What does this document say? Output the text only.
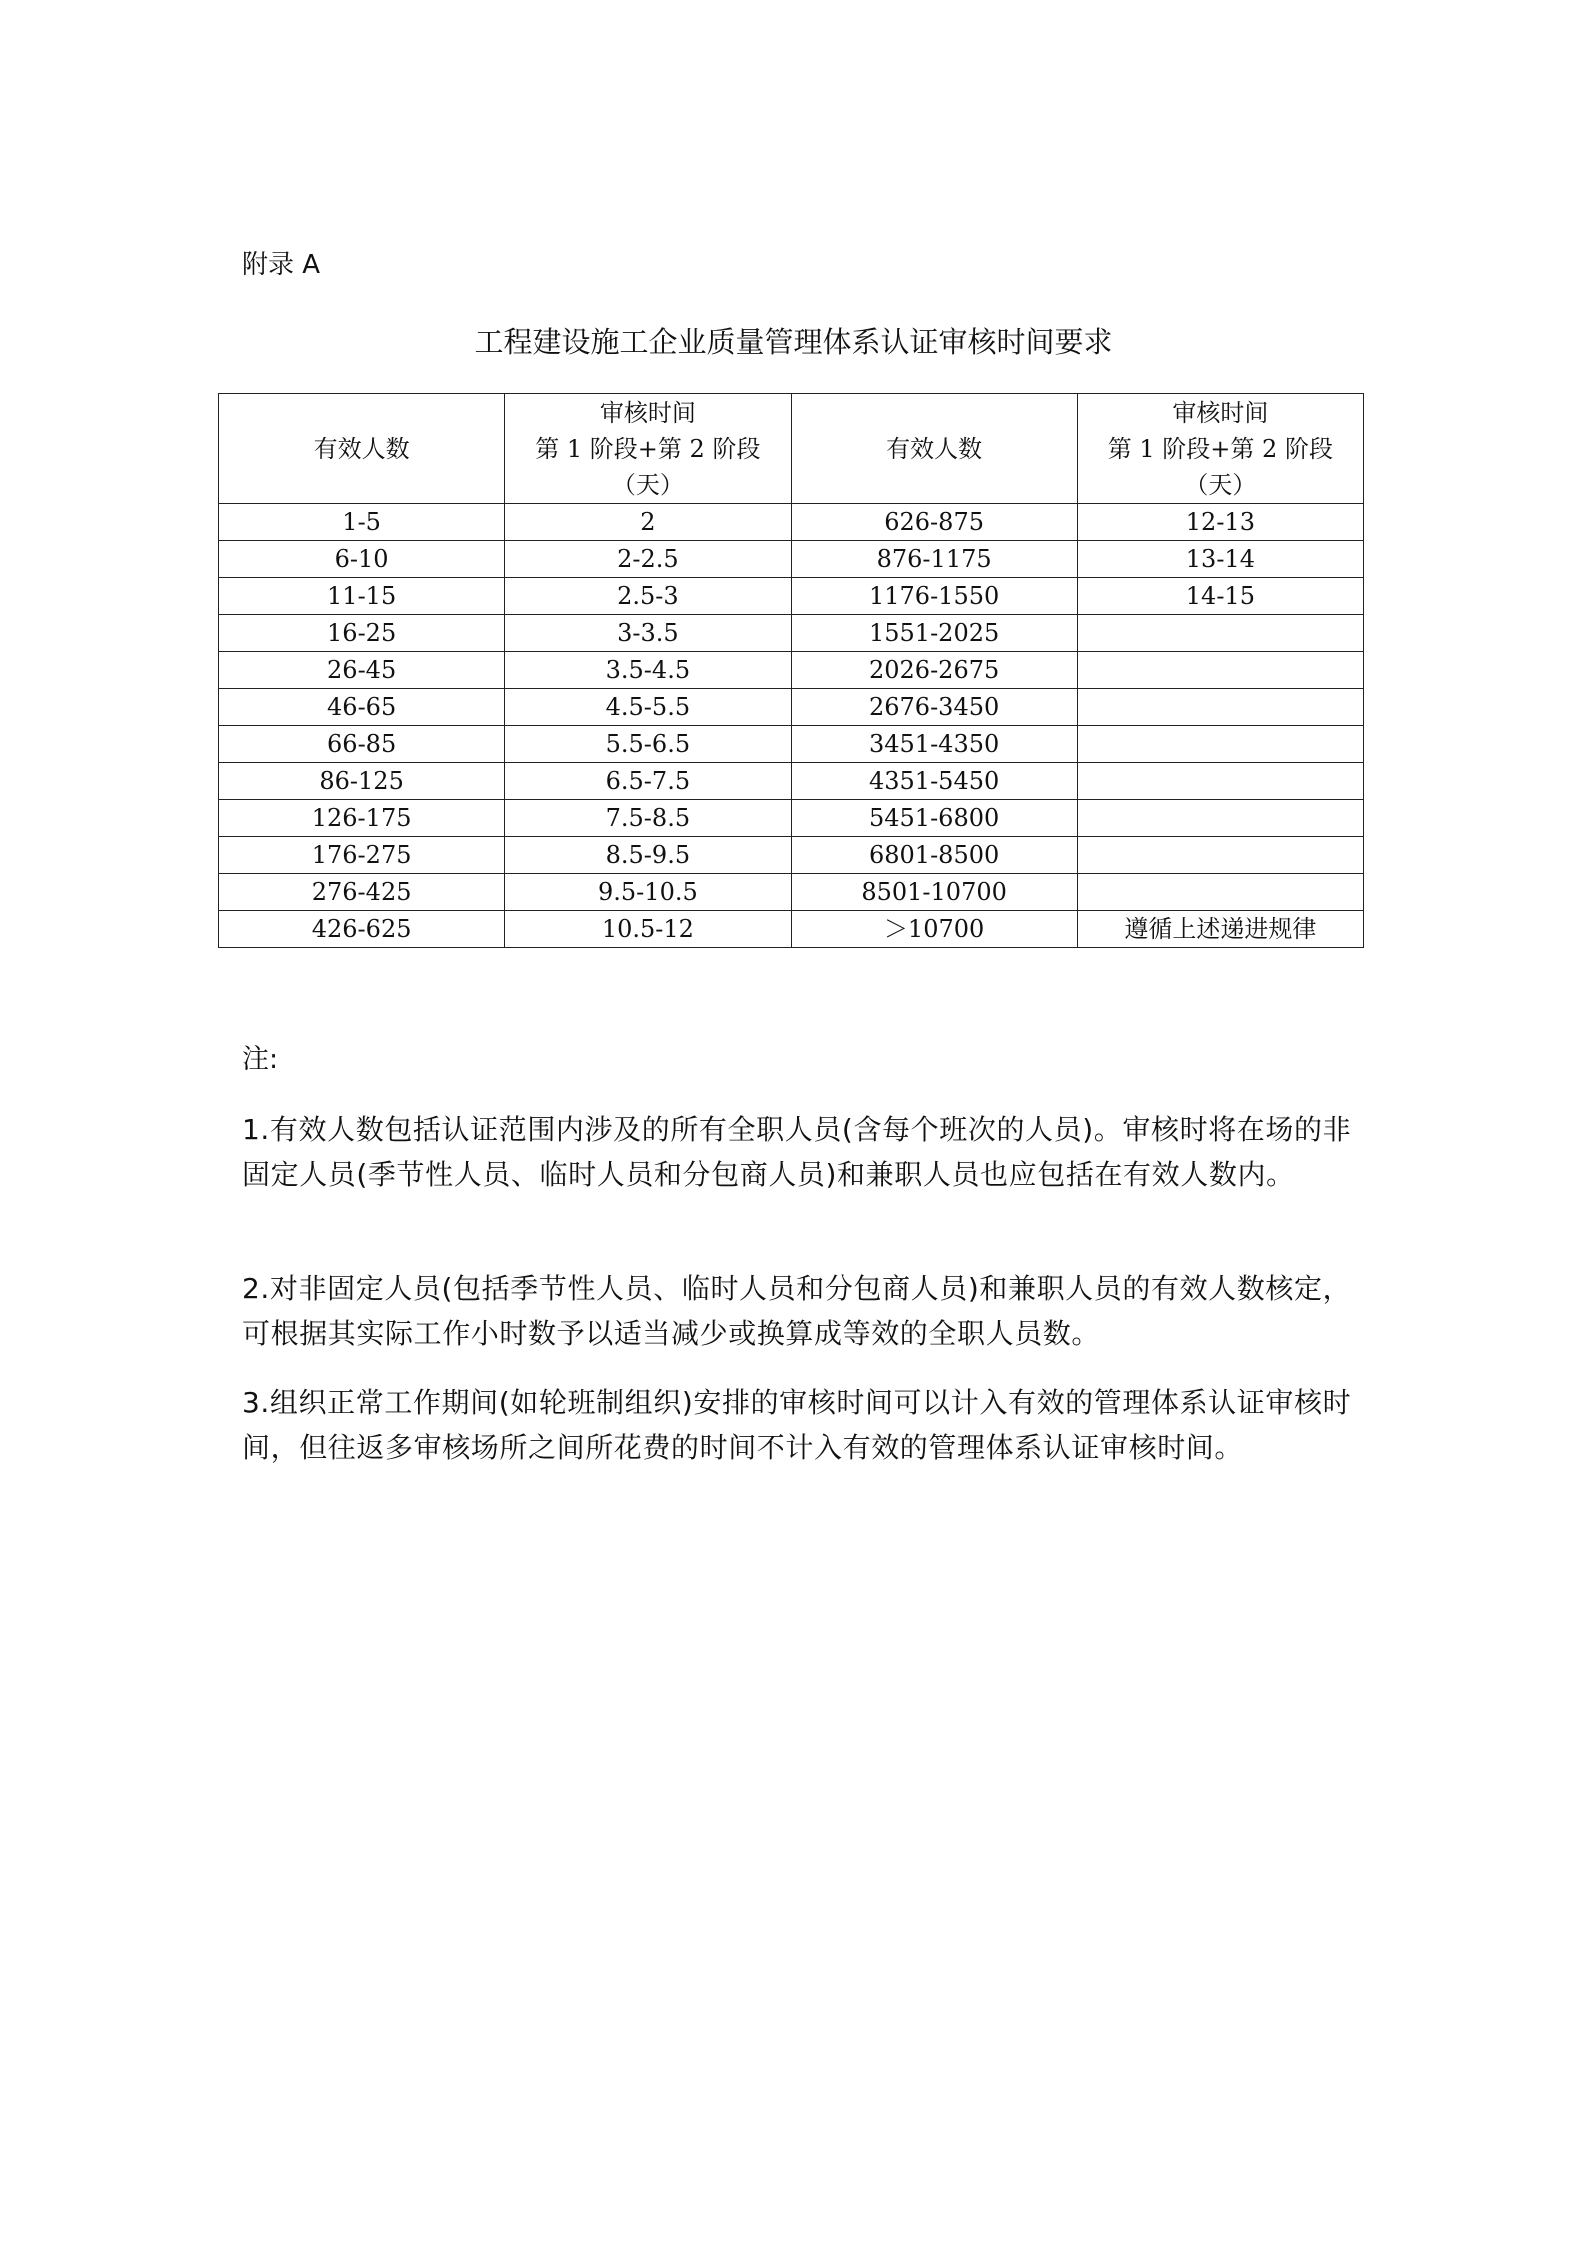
附录 A
工程建设施工企业质量管理体系认证审核时间要求
有效人数	审核时间
第 1 阶段+第 2 阶段
（天）	有效人数	审核时间
第 1 阶段+第 2 阶段
（天）

1-5	2	626-875	12-13
6-10	2-2.5	876-1175	13-14
11-15	2.5-3	1176-1550	14-15
16-25	3-3.5	1551-2025	
26-45	3.5-4.5	2026-2675	
46-65	4.5-5.5	2676-3450	
66-85	5.5-6.5	3451-4350	
86-125	6.5-7.5	4351-5450	
126-175	7.5-8.5	5451-6800	
176-275	8.5-9.5	6801-8500	
276-425	9.5-10.5	8501-10700	
426-625	10.5-12	＞10700	遵循上述递进规律
注:
1.有效人数包括认证范围内涉及的所有全职人员(含每个班次的人员)。审核时将在场的非固定人员(季节性人员、临时人员和分包商人员)和兼职人员也应包括在有效人数内。
2.对非固定人员(包括季节性人员、临时人员和分包商人员)和兼职人员的有效人数核定，可根据其实际工作小时数予以适当减少或换算成等效的全职人员数。
3.组织正常工作期间(如轮班制组织)安排的审核时间可以计入有效的管理体系认证审核时间，但往返多审核场所之间所花费的时间不计入有效的管理体系认证审核时间。
